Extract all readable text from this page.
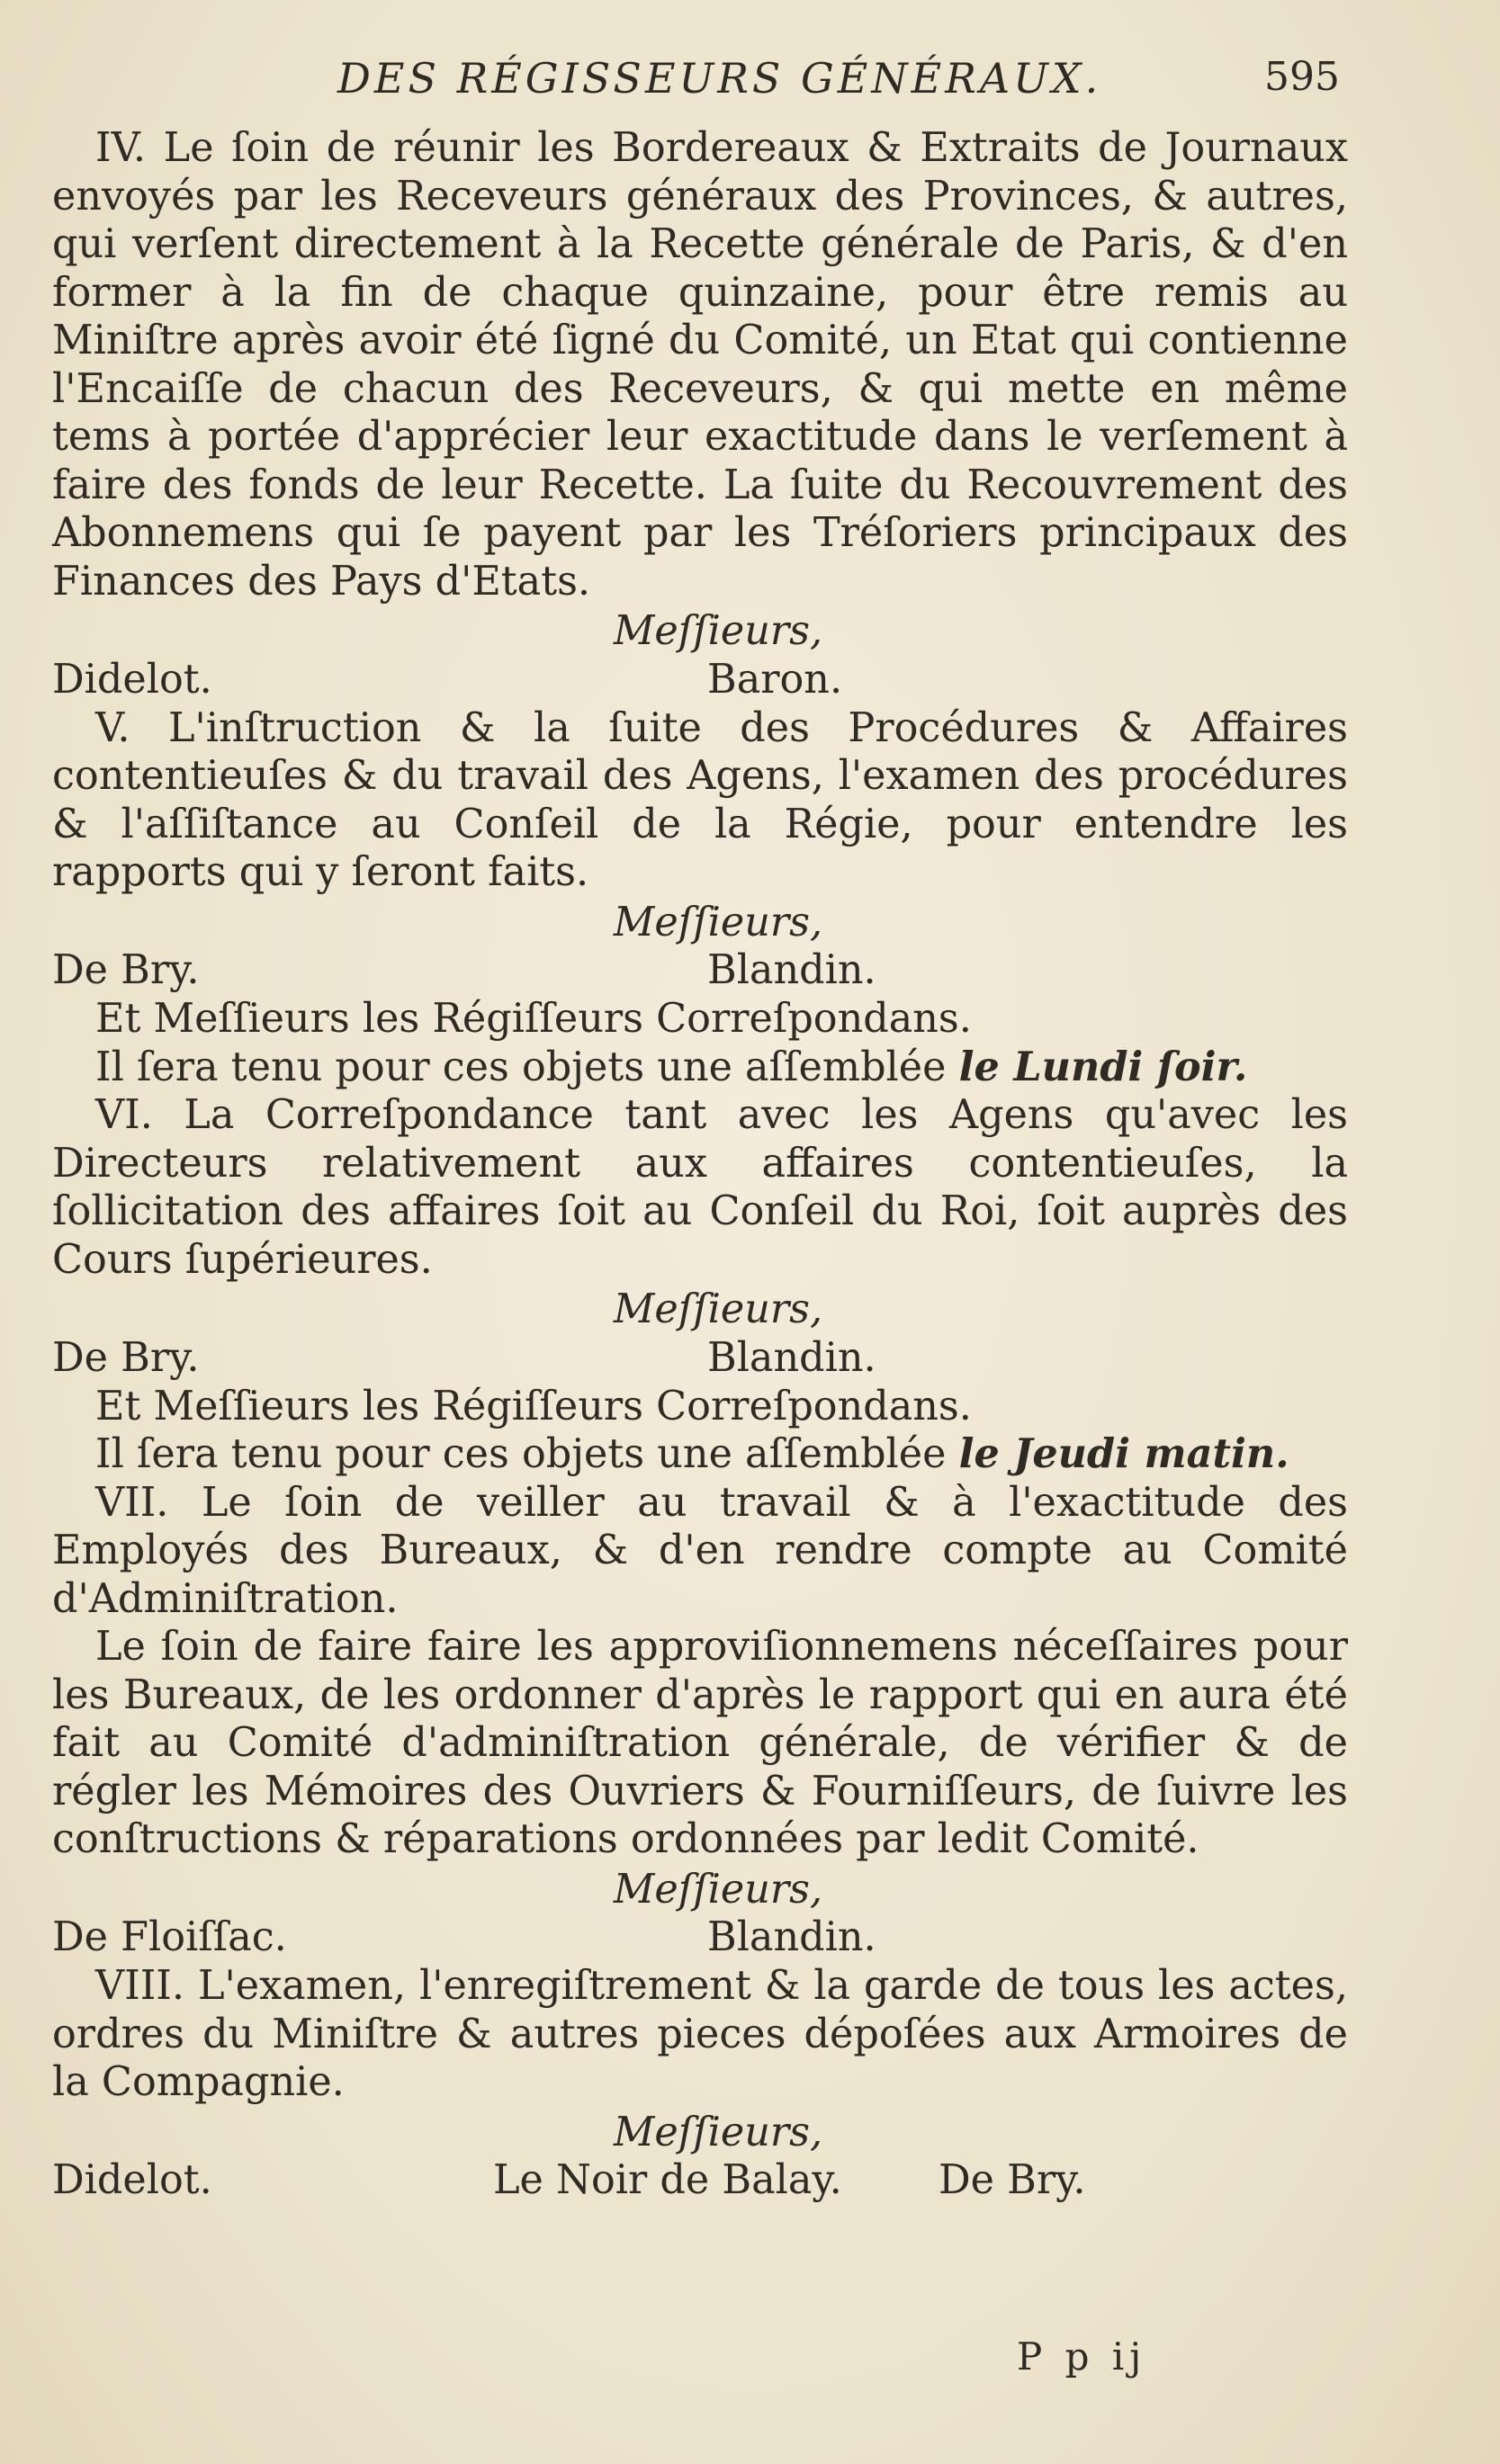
DES RÉGISSEURS GÉNÉRAUX.	595

IV. Le ſoin de réunir les Bordereaux & Extraits de Journaux envoyés par les Receveurs généraux des Provinces, & autres, qui verſent directement à la Recette générale de Paris, & d'en former à la fin de chaque quinzaine, pour être remis au Miniſtre après avoir été ſigné du Comité, un Etat qui contienne l'Encaiſſe de chacun des Receveurs, & qui mette en même tems à portée d'apprécier leur exactitude dans le verſement à faire des fonds de leur Recette. La ſuite du Recouvrement des Abonnemens qui ſe payent par les Tréſoriers principaux des Finances des Pays d'Etats.

Meſſieurs,
Didelot.	Baron.

V. L'inſtruction & la ſuite des Procédures & Affaires contentieuſes & du travail des Agens, l'examen des procédures & l'aſſiſtance au Conſeil de la Régie, pour entendre les rapports qui y ſeront faits.

Meſſieurs,
De Bry.	Blandin.

Et Meſſieurs les Régiſſeurs Correſpondans.

Il ſera tenu pour ces objets une aſſemblée le Lundi ſoir.

VI. La Correſpondance tant avec les Agens qu'avec les Directeurs relativement aux affaires contentieuſes, la ſollicitation des affaires ſoit au Conſeil du Roi, ſoit auprès des Cours ſupérieures.

Meſſieurs,
De Bry.	Blandin.

Et Meſſieurs les Régiſſeurs Correſpondans.

Il ſera tenu pour ces objets une aſſemblée le Jeudi matin.

VII. Le ſoin de veiller au travail & à l'exactitude des Employés des Bureaux, & d'en rendre compte au Comité d'Adminiſtration.

Le ſoin de faire faire les approviſionnemens néceſſaires pour les Bureaux, de les ordonner d'après le rapport qui en aura été fait au Comité d'adminiſtration générale, de vérifier & de régler les Mémoires des Ouvriers & Fourniſſeurs, de ſuivre les conſtructions & réparations ordonnées par ledit Comité.

Meſſieurs,
De Floiſſac.	Blandin.

VIII. L'examen, l'enregiſtrement & la garde de tous les actes, ordres du Miniſtre & autres pieces dépoſées aux Armoires de la Compagnie.

Meſſieurs,
Didelot.	Le Noir de Balay. De Bry.
P p ij
